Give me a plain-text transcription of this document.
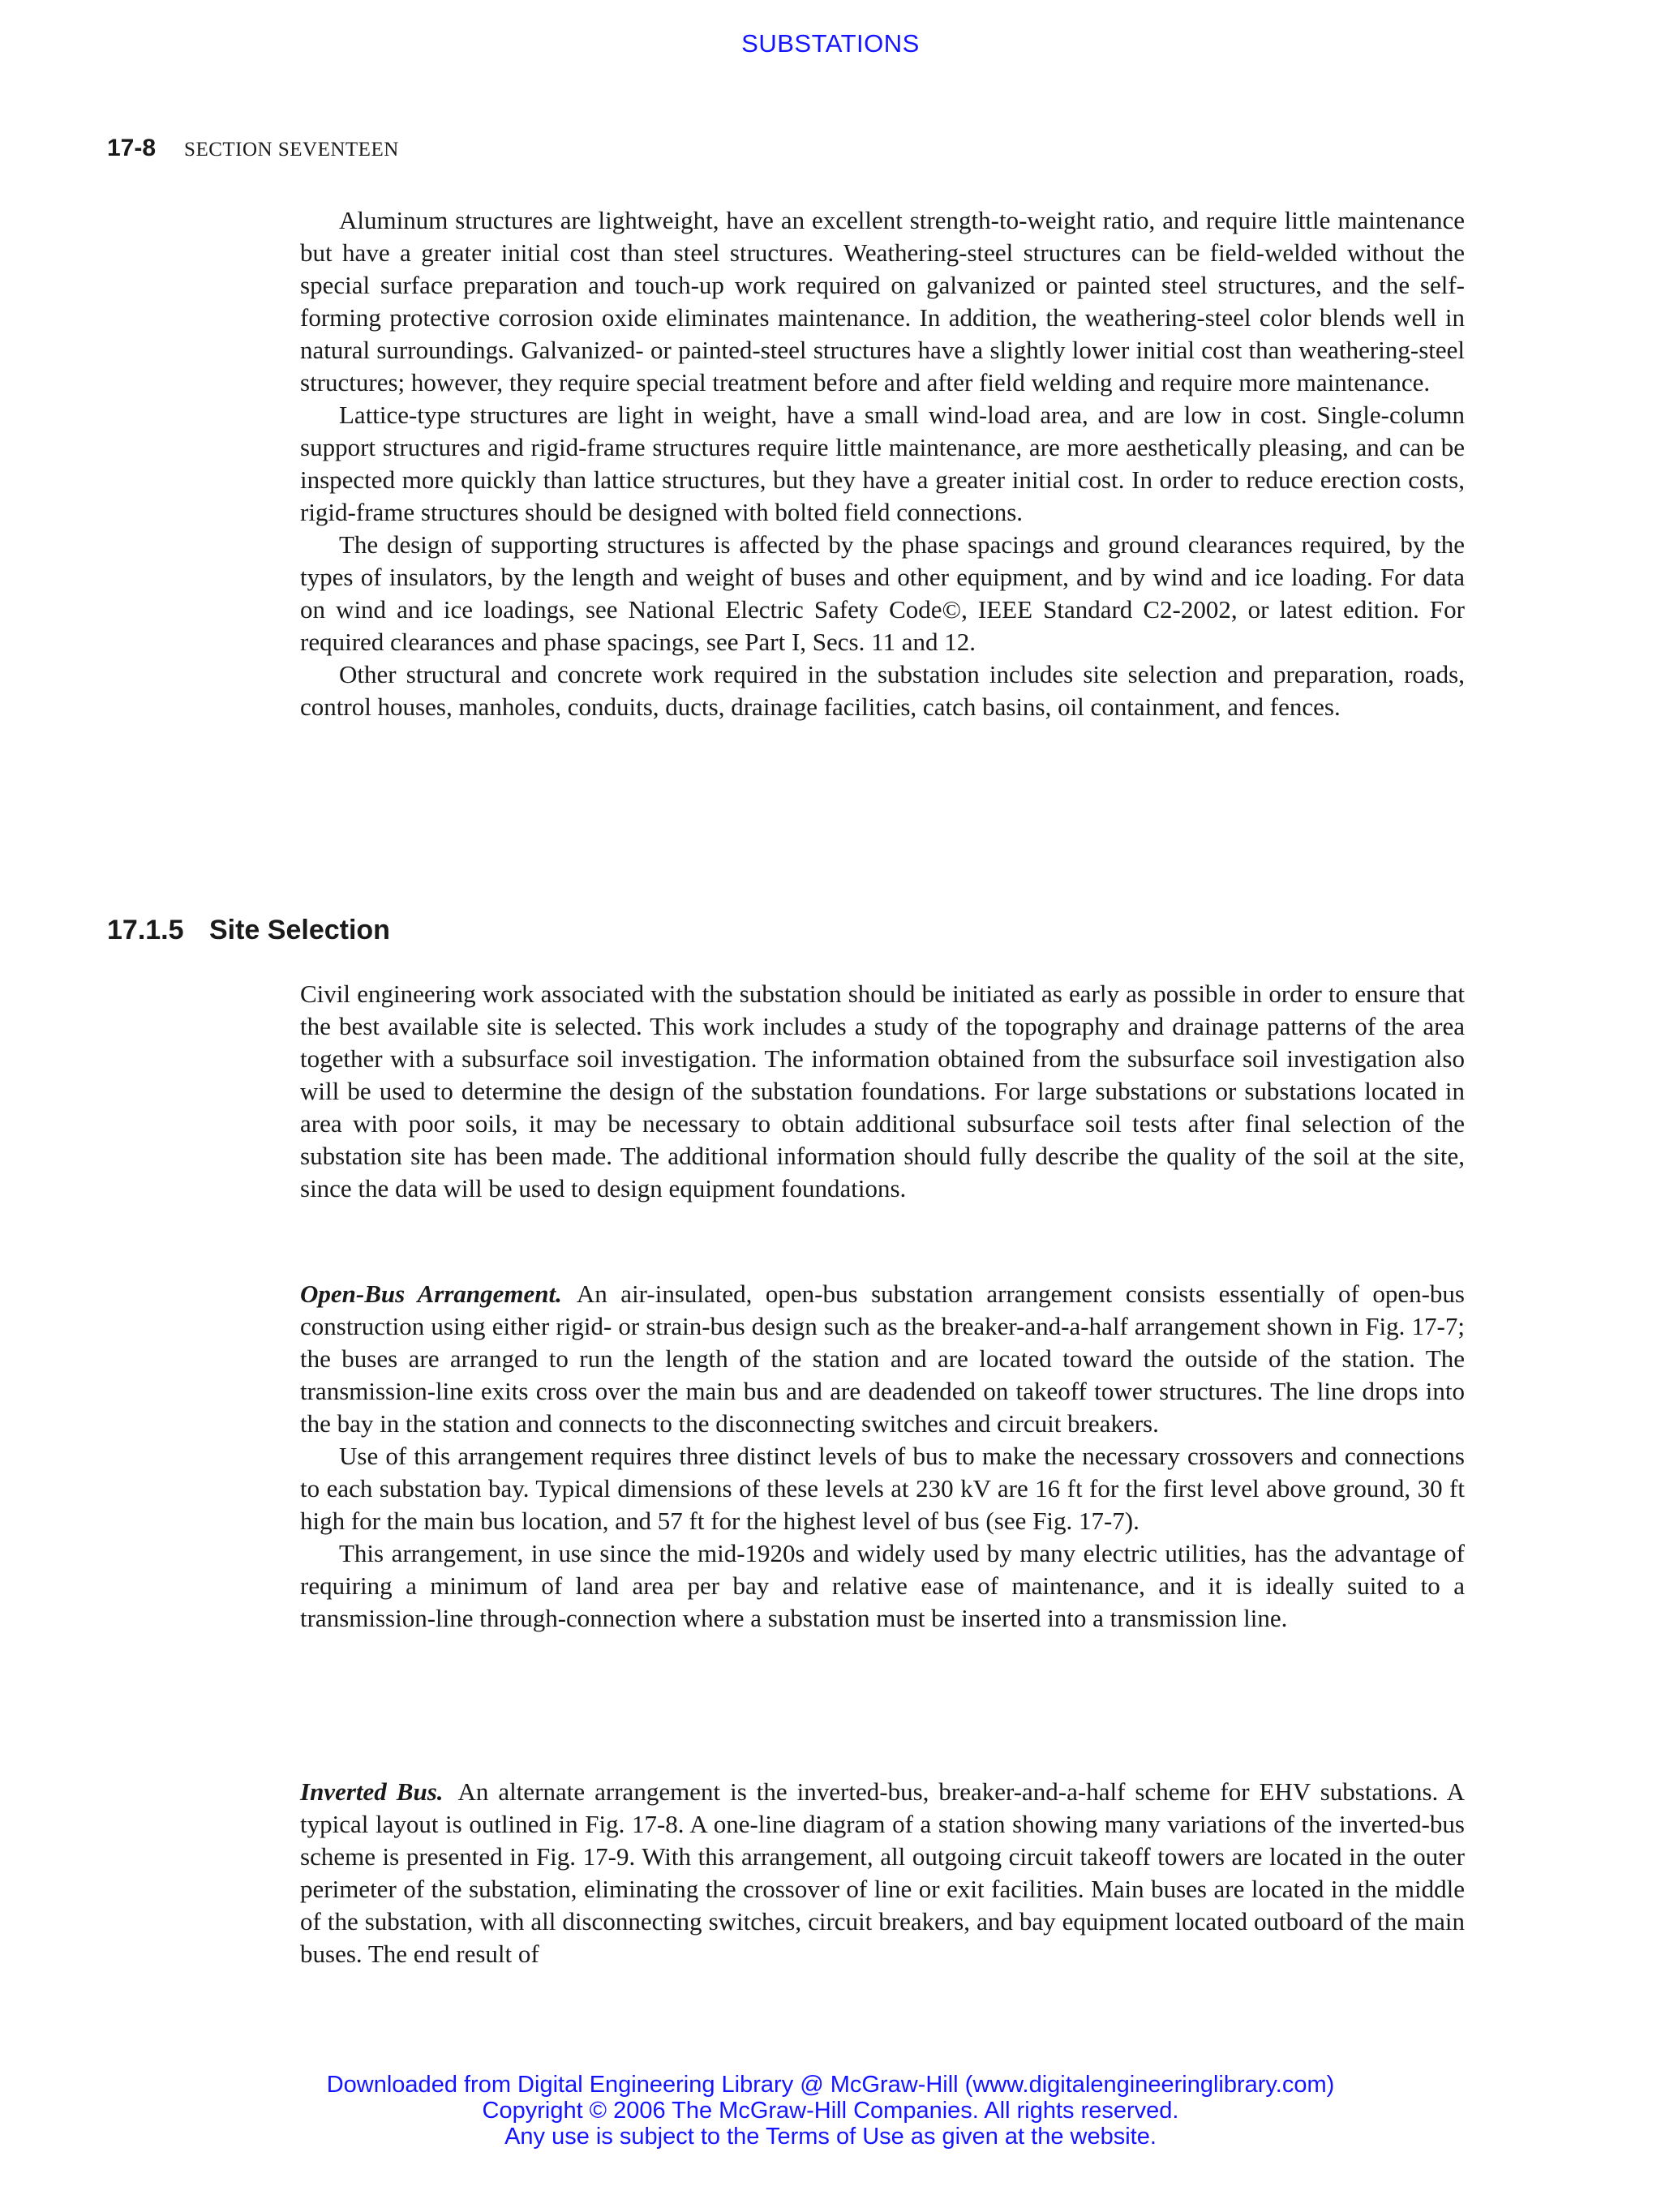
SUBSTATIONS
17-8 SECTION SEVENTEEN

Aluminum structures are lightweight, have an excellent strength-to-weight ratio, and require little maintenance but have a greater initial cost than steel structures. Weathering-steel structures can be field-welded without the special surface preparation and touch-up work required on galvanized or painted steel structures, and the self-forming protective corrosion oxide eliminates maintenance. In addition, the weathering-steel color blends well in natural surroundings. Galvanized- or painted-steel structures have a slightly lower initial cost than weathering-steel structures; however, they require special treatment before and after field welding and require more maintenance.

Lattice-type structures are light in weight, have a small wind-load area, and are low in cost. Single-column support structures and rigid-frame structures require little maintenance, are more aesthetically pleasing, and can be inspected more quickly than lattice structures, but they have a greater initial cost. In order to reduce erection costs, rigid-frame structures should be designed with bolted field connections.

The design of supporting structures is affected by the phase spacings and ground clearances required, by the types of insulators, by the length and weight of buses and other equipment, and by wind and ice loading. For data on wind and ice loadings, see National Electric Safety Code©, IEEE Standard C2-2002, or latest edition. For required clearances and phase spacings, see Part I, Secs. 11 and 12.

Other structural and concrete work required in the substation includes site selection and preparation, roads, control houses, manholes, conduits, ducts, drainage facilities, catch basins, oil containment, and fences.

17.1.5 Site Selection

Civil engineering work associated with the substation should be initiated as early as possible in order to ensure that the best available site is selected. This work includes a study of the topography and drainage patterns of the area together with a subsurface soil investigation. The information obtained from the subsurface soil investigation also will be used to determine the design of the substation foundations. For large substations or substations located in area with poor soils, it may be necessary to obtain additional subsurface soil tests after final selection of the substation site has been made. The additional information should fully describe the quality of the soil at the site, since the data will be used to design equipment foundations.

Open-Bus Arrangement. An air-insulated, open-bus substation arrangement consists essentially of open-bus construction using either rigid- or strain-bus design such as the breaker-and-a-half arrangement shown in Fig. 17-7; the buses are arranged to run the length of the station and are located toward the outside of the station. The transmission-line exits cross over the main bus and are deadended on takeoff tower structures. The line drops into the bay in the station and connects to the disconnecting switches and circuit breakers.

Use of this arrangement requires three distinct levels of bus to make the necessary crossovers and connections to each substation bay. Typical dimensions of these levels at 230 kV are 16 ft for the first level above ground, 30 ft high for the main bus location, and 57 ft for the highest level of bus (see Fig. 17-7).

This arrangement, in use since the mid-1920s and widely used by many electric utilities, has the advantage of requiring a minimum of land area per bay and relative ease of maintenance, and it is ideally suited to a transmission-line through-connection where a substation must be inserted into a transmission line.

Inverted Bus. An alternate arrangement is the inverted-bus, breaker-and-a-half scheme for EHV substations. A typical layout is outlined in Fig. 17-8. A one-line diagram of a station showing many variations of the inverted-bus scheme is presented in Fig. 17-9. With this arrangement, all outgoing circuit takeoff towers are located in the outer perimeter of the substation, eliminating the crossover of line or exit facilities. Main buses are located in the middle of the substation, with all disconnecting switches, circuit breakers, and bay equipment located outboard of the main buses. The end result of

Downloaded from Digital Engineering Library @ McGraw-Hill (www.digitalengineeringlibrary.com)
Copyright © 2006 The McGraw-Hill Companies. All rights reserved.
Any use is subject to the Terms of Use as given at the website.
